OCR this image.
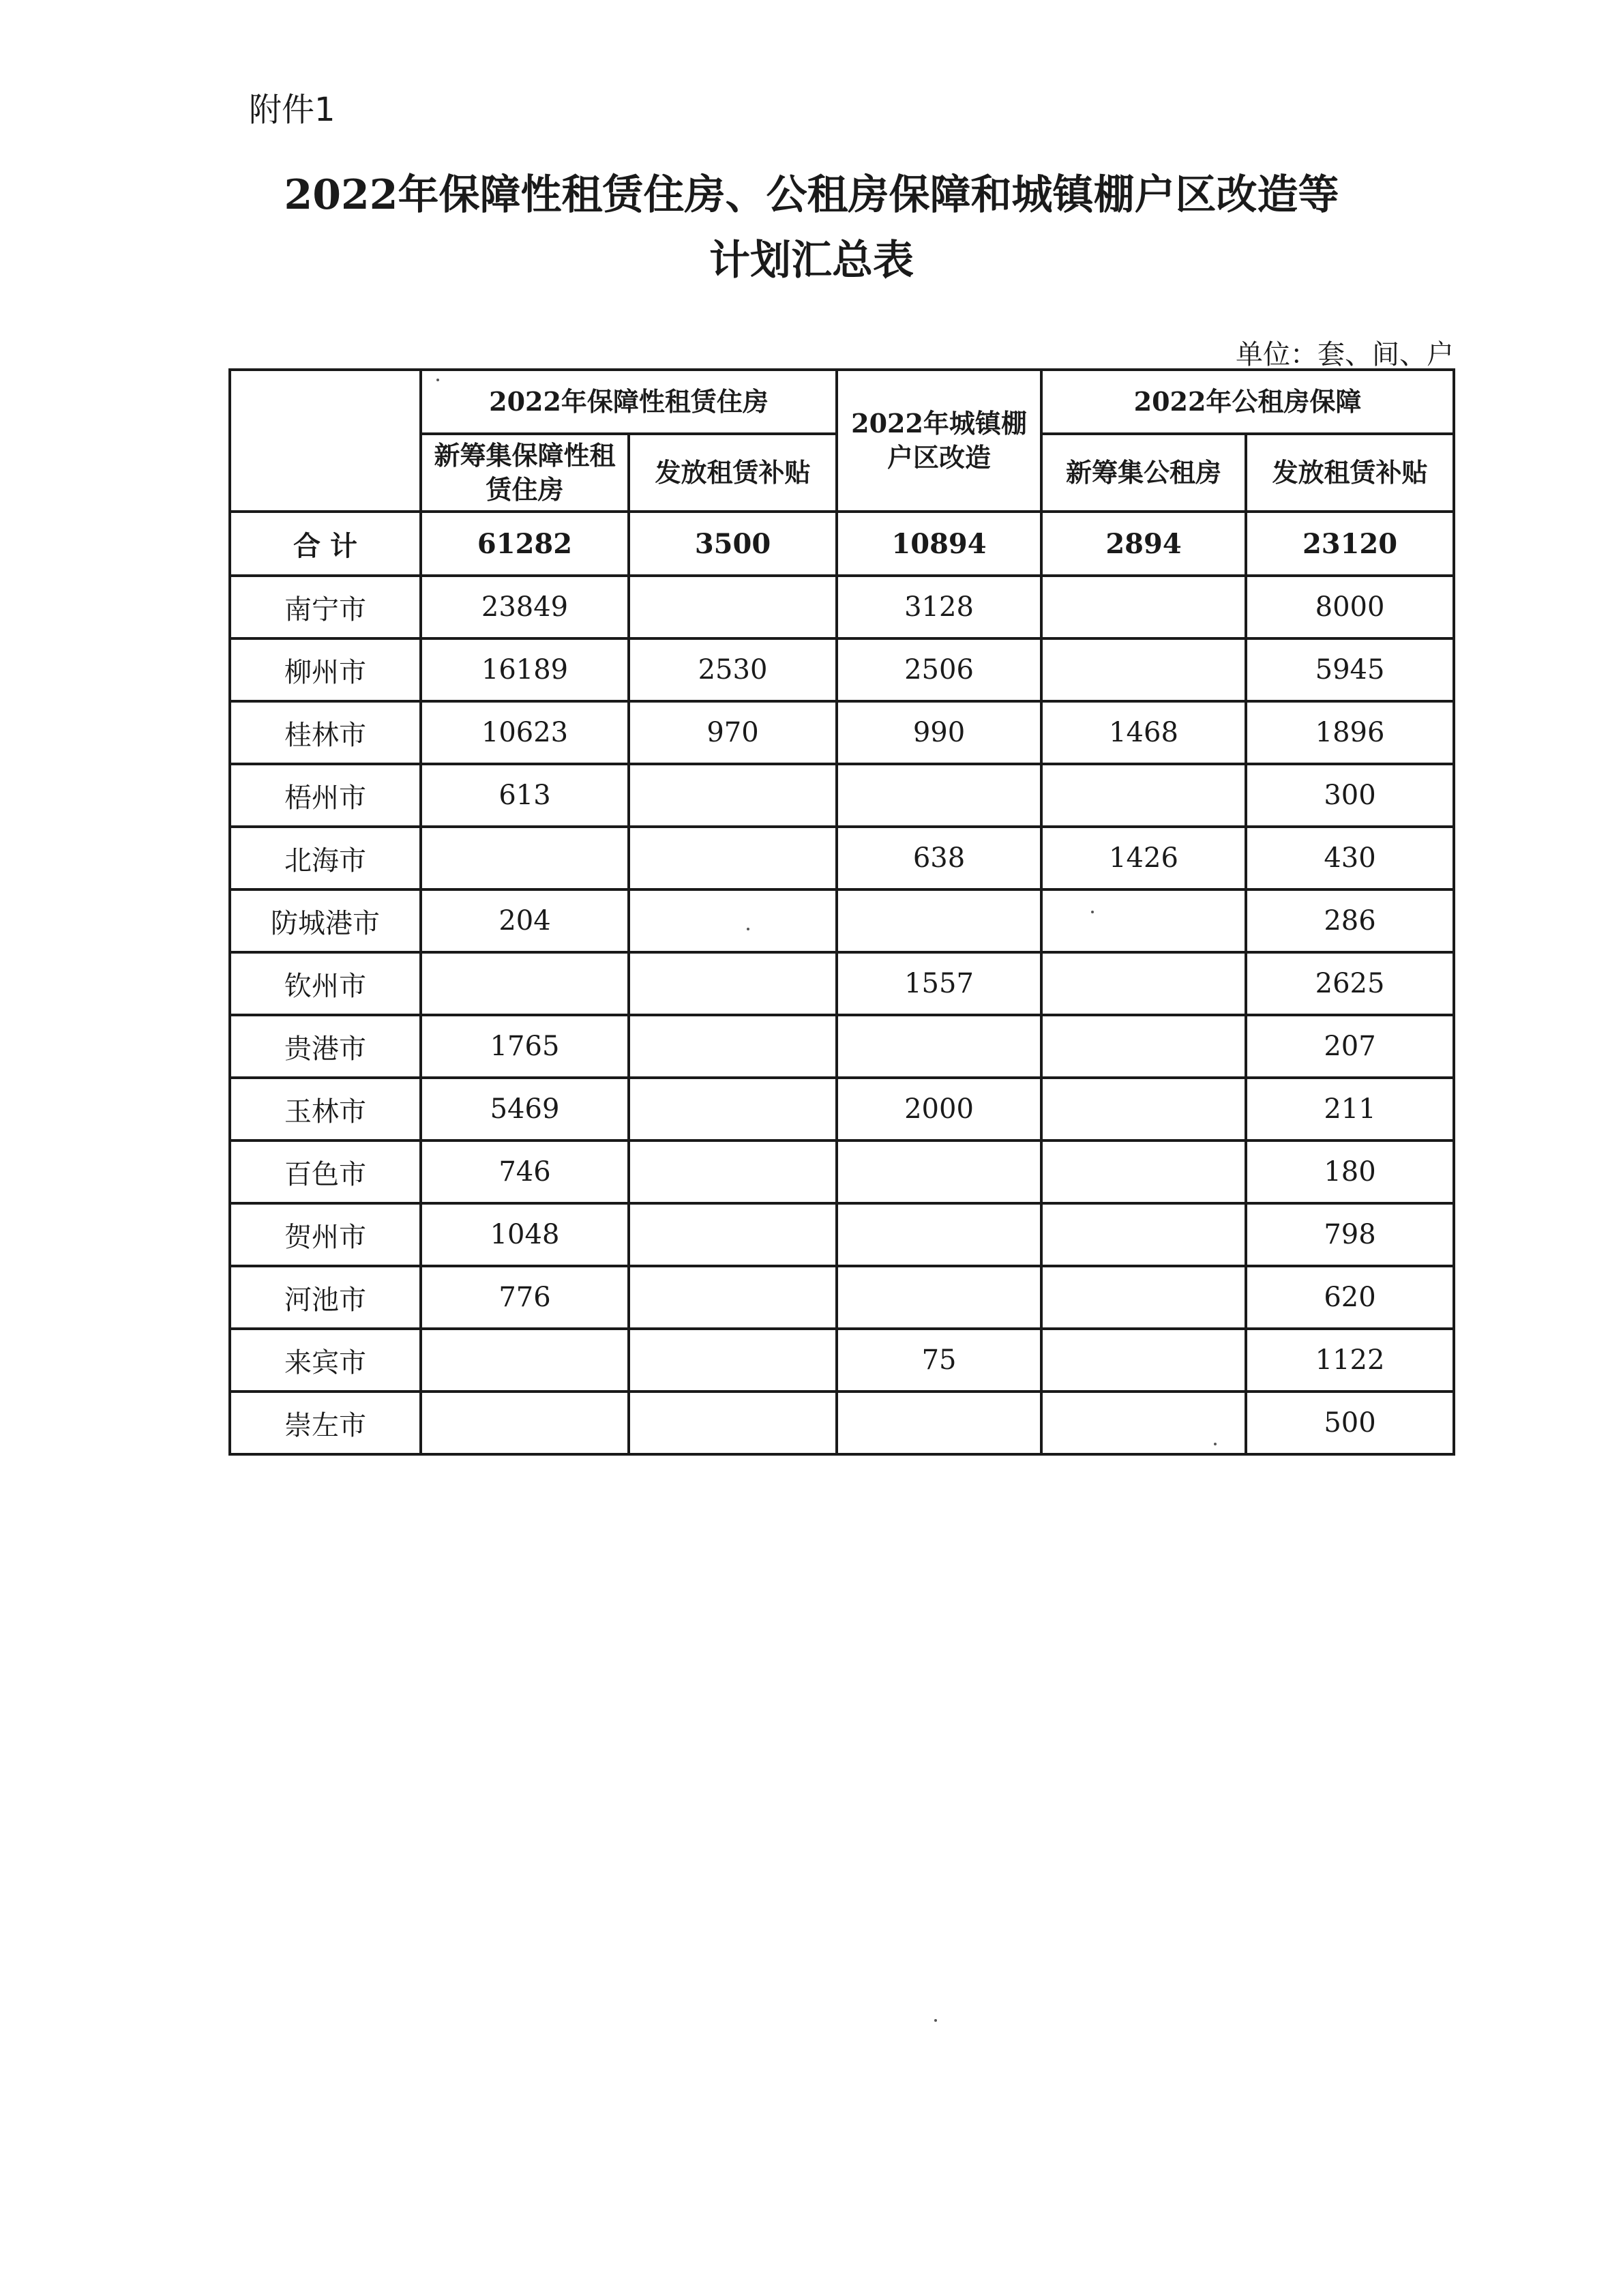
附件1
2022年保障性租赁住房、公租房保障和城镇棚户区改造等
计划汇总表
单位：套、间、户
	2022年保障性租赁住房		2022年城镇棚户区改造	2022年公租房保障	
	新筹集保障性租赁住房	发放租赁补贴		新筹集公租房	发放租赁补贴
合 计	61282	3500	10894	2894	23120
南宁市	23849		3128		8000
柳州市	16189	2530	2506		5945
桂林市	10623	970	990	1468	1896
梧州市	613				300
北海市			638	1426	430
防城港市	204				286
钦州市			1557		2625
贵港市	1765				207
玉林市	5469		2000		211
百色市	746				180
贺州市	1048				798
河池市	776				620
来宾市			75		1122
崇左市					500
